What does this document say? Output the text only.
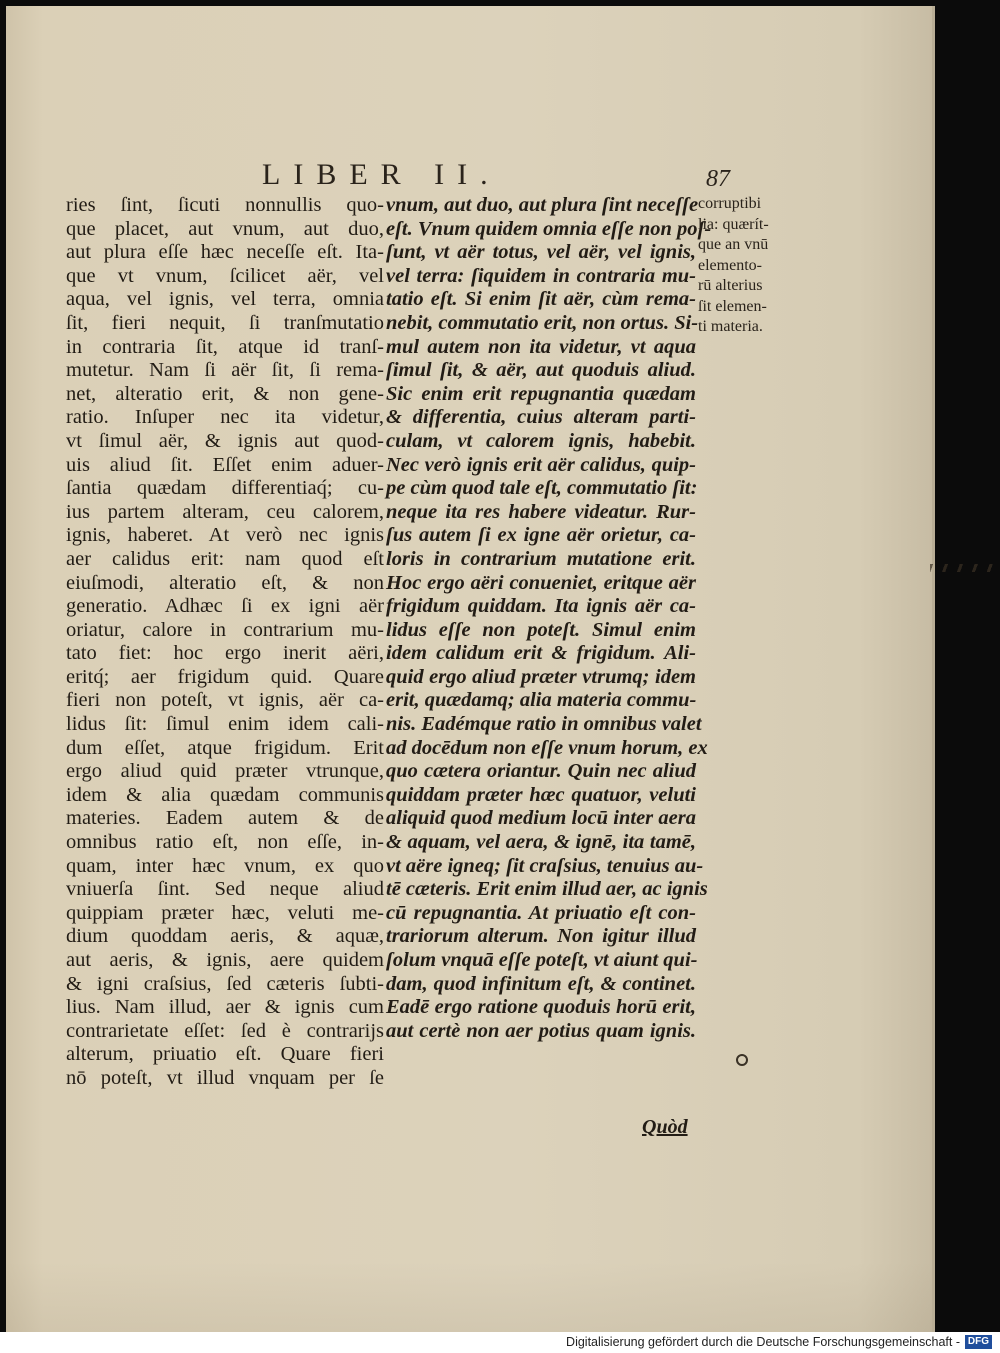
LIBER II.	87
ries ſint, ſicuti nonnullis quo-
que placet, aut vnum, aut duo,
aut plura eſſe hæc neceſſe eſt. Ita-
que vt vnum, ſcilicet aër, vel
aqua, vel ignis, vel terra, omnia
ſit, fieri nequit, ſi tranſmutatio
in contraria ſit, atque id tranſ-
mutetur. Nam ſi aër ſit, ſi rema-
net, alteratio erit, & non gene-
ratio. Inſuper nec ita videtur,
vt ſimul aër, & ignis aut quod-
uis aliud ſit. Eſſet enim aduer-
ſantia quædam differentiaq́; cu-
ius partem alteram, ceu calorem,
ignis, haberet. At verò nec ignis
aer calidus erit: nam quod eſt
eiuſmodi, alteratio eſt, & non
generatio. Adhæc ſi ex igni aër
oriatur, calore in contrarium mu-
tato fiet: hoc ergo inerit aëri,
eritq́; aer frigidum quid. Quare
fieri non poteſt, vt ignis, aër ca-
lidus ſit: ſimul enim idem cali-
dum eſſet, atque frigidum. Erit
ergo aliud quid præter vtrunque,
idem & alia quædam communis
materies. Eadem autem & de
omnibus ratio eſt, non eſſe, in-
quam, inter hæc vnum, ex quo
vniuerſa ſint. Sed neque aliud
quippiam præter hæc, veluti me-
dium quoddam aeris, & aquæ,
aut aeris, & ignis, aere quidem
& igni craſsius, ſed cæteris ſubti-
lius. Nam illud, aer & ignis cum
contrarietate eſſet: ſed è contrarijs
alterum, priuatio eſt. Quare fieri
nō poteſt, vt illud vnquam per ſe
vnum, aut duo, aut plura ſint neceſſe
eſt. Vnum quidem omnia eſſe non poſ-
ſunt, vt aër totus, vel aër, vel ignis,
vel terra: ſiquidem in contraria mu-
tatio eſt. Si enim ſit aër, cùm rema-
nebit, commutatio erit, non ortus. Si-
mul autem non ita videtur, vt aqua
ſimul ſit, & aër, aut quoduis aliud.
Sic enim erit repugnantia quædam
& differentia, cuius alteram parti-
culam, vt calorem ignis, habebit.
Nec verò ignis erit aër calidus, quip-
pe cùm quod tale eſt, commutatio ſit:
neque ita res habere videatur. Rur-
ſus autem ſi ex igne aër orietur, ca-
loris in contrarium mutatione erit.
Hoc ergo aëri conueniet, eritque aër
frigidum quiddam. Ita ignis aër ca-
lidus eſſe non poteſt. Simul enim
idem calidum erit & frigidum. Ali-
quid ergo aliud præter vtrumq; idem
erit, quædamq; alia materia commu-
nis. Eadémque ratio in omnibus valet
ad docēdum non eſſe vnum horum, ex
quo cætera oriantur. Quin nec aliud
quiddam præter hæc quatuor, veluti
aliquid quod medium locū inter aera
& aquam, vel aera, & ignē, ita tamē,
vt aëre igneq; ſit craſsius, tenuius au-
tē cæteris. Erit enim illud aer, ac ignis
cū repugnantia. At priuatio eſt con-
trariorum alterum. Non igitur illud
ſolum vnquā eſſe poteſt, vt aiunt qui-
dam, quod infinitum eſt, & continet.
Eadē ergo ratione quoduis horū erit,
aut certè non aer potius quam ignis.
corruptibi
lia: quærít-
que an vnū
elemento-
rū alterius
ſit elemen-
ti materia.
Quòd
Digitalisierung gefördert durch die Deutsche Forschungsgemeinschaft - DFG
